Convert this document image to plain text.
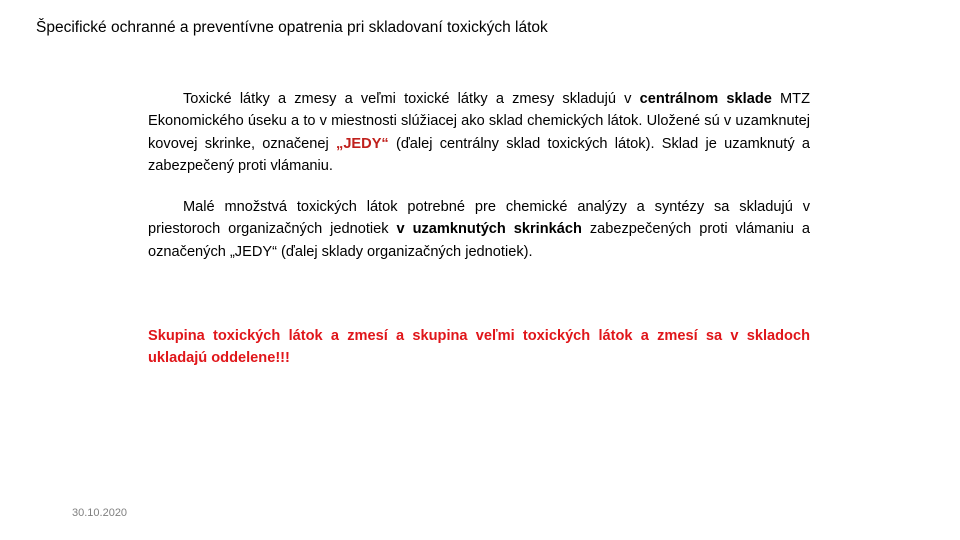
Špecifické ochranné a preventívne opatrenia pri skladovaní toxických látok

Toxické látky a zmesy a veľmi toxické látky a zmesy skladujú v centrálnom sklade MTZ Ekonomického úseku a to v miestnosti slúžiacej ako sklad chemických látok. Uložené sú v uzamknutej kovovej skrinke, označenej „JEDY“ (ďalej centrálny sklad toxických látok). Sklad je uzamknutý a zabezpečený proti vlámaniu.

Malé množstvá toxických látok potrebné pre chemické analýzy a syntézy sa skladujú v priestoroch organizačných jednotiek v uzamknutých skrinkách zabezpečených proti vlámaniu a označených „JEDY“ (ďalej sklady organizačných jednotiek).

Skupina toxických látok a zmesí a skupina veľmi toxických látok a zmesí sa v skladoch ukladajú oddelene!!!

30.10.2020
